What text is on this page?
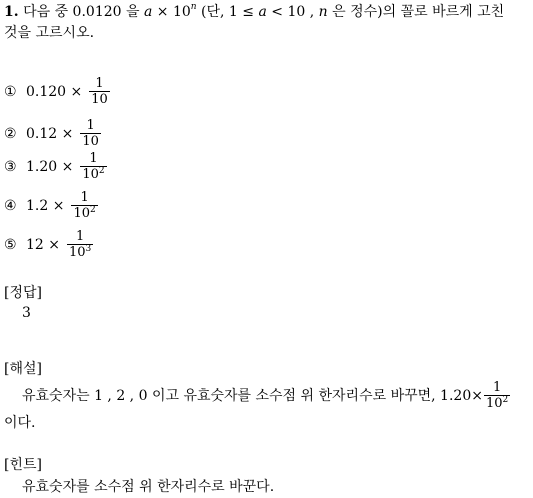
1. 다음 중 0.0120 을 $a \times 10^n$ (단, 1 ≤ a < 10 , n 은 정수)의 꼴로 바르게 고친
것을 고르시오.
① $0.120 \times \frac{1}{10}$
② $0.12 \times \frac{1}{10}$
③ $1.20 \times \frac{1}{10^2}$
④ $1.2 \times \frac{1}{10^2}$
⑤ $12 \times \frac{1}{10^3}$
[정답]
3
[해설]
유효숫자는 1 , 2 , 0 이고 유효숫자를 소수점 위 한자리수로 바꾸면, $1.20\times \frac{1}{10^2}$
이다.
[힌트]
유효숫자를 소수점 위 한자리수로 바꾼다.
